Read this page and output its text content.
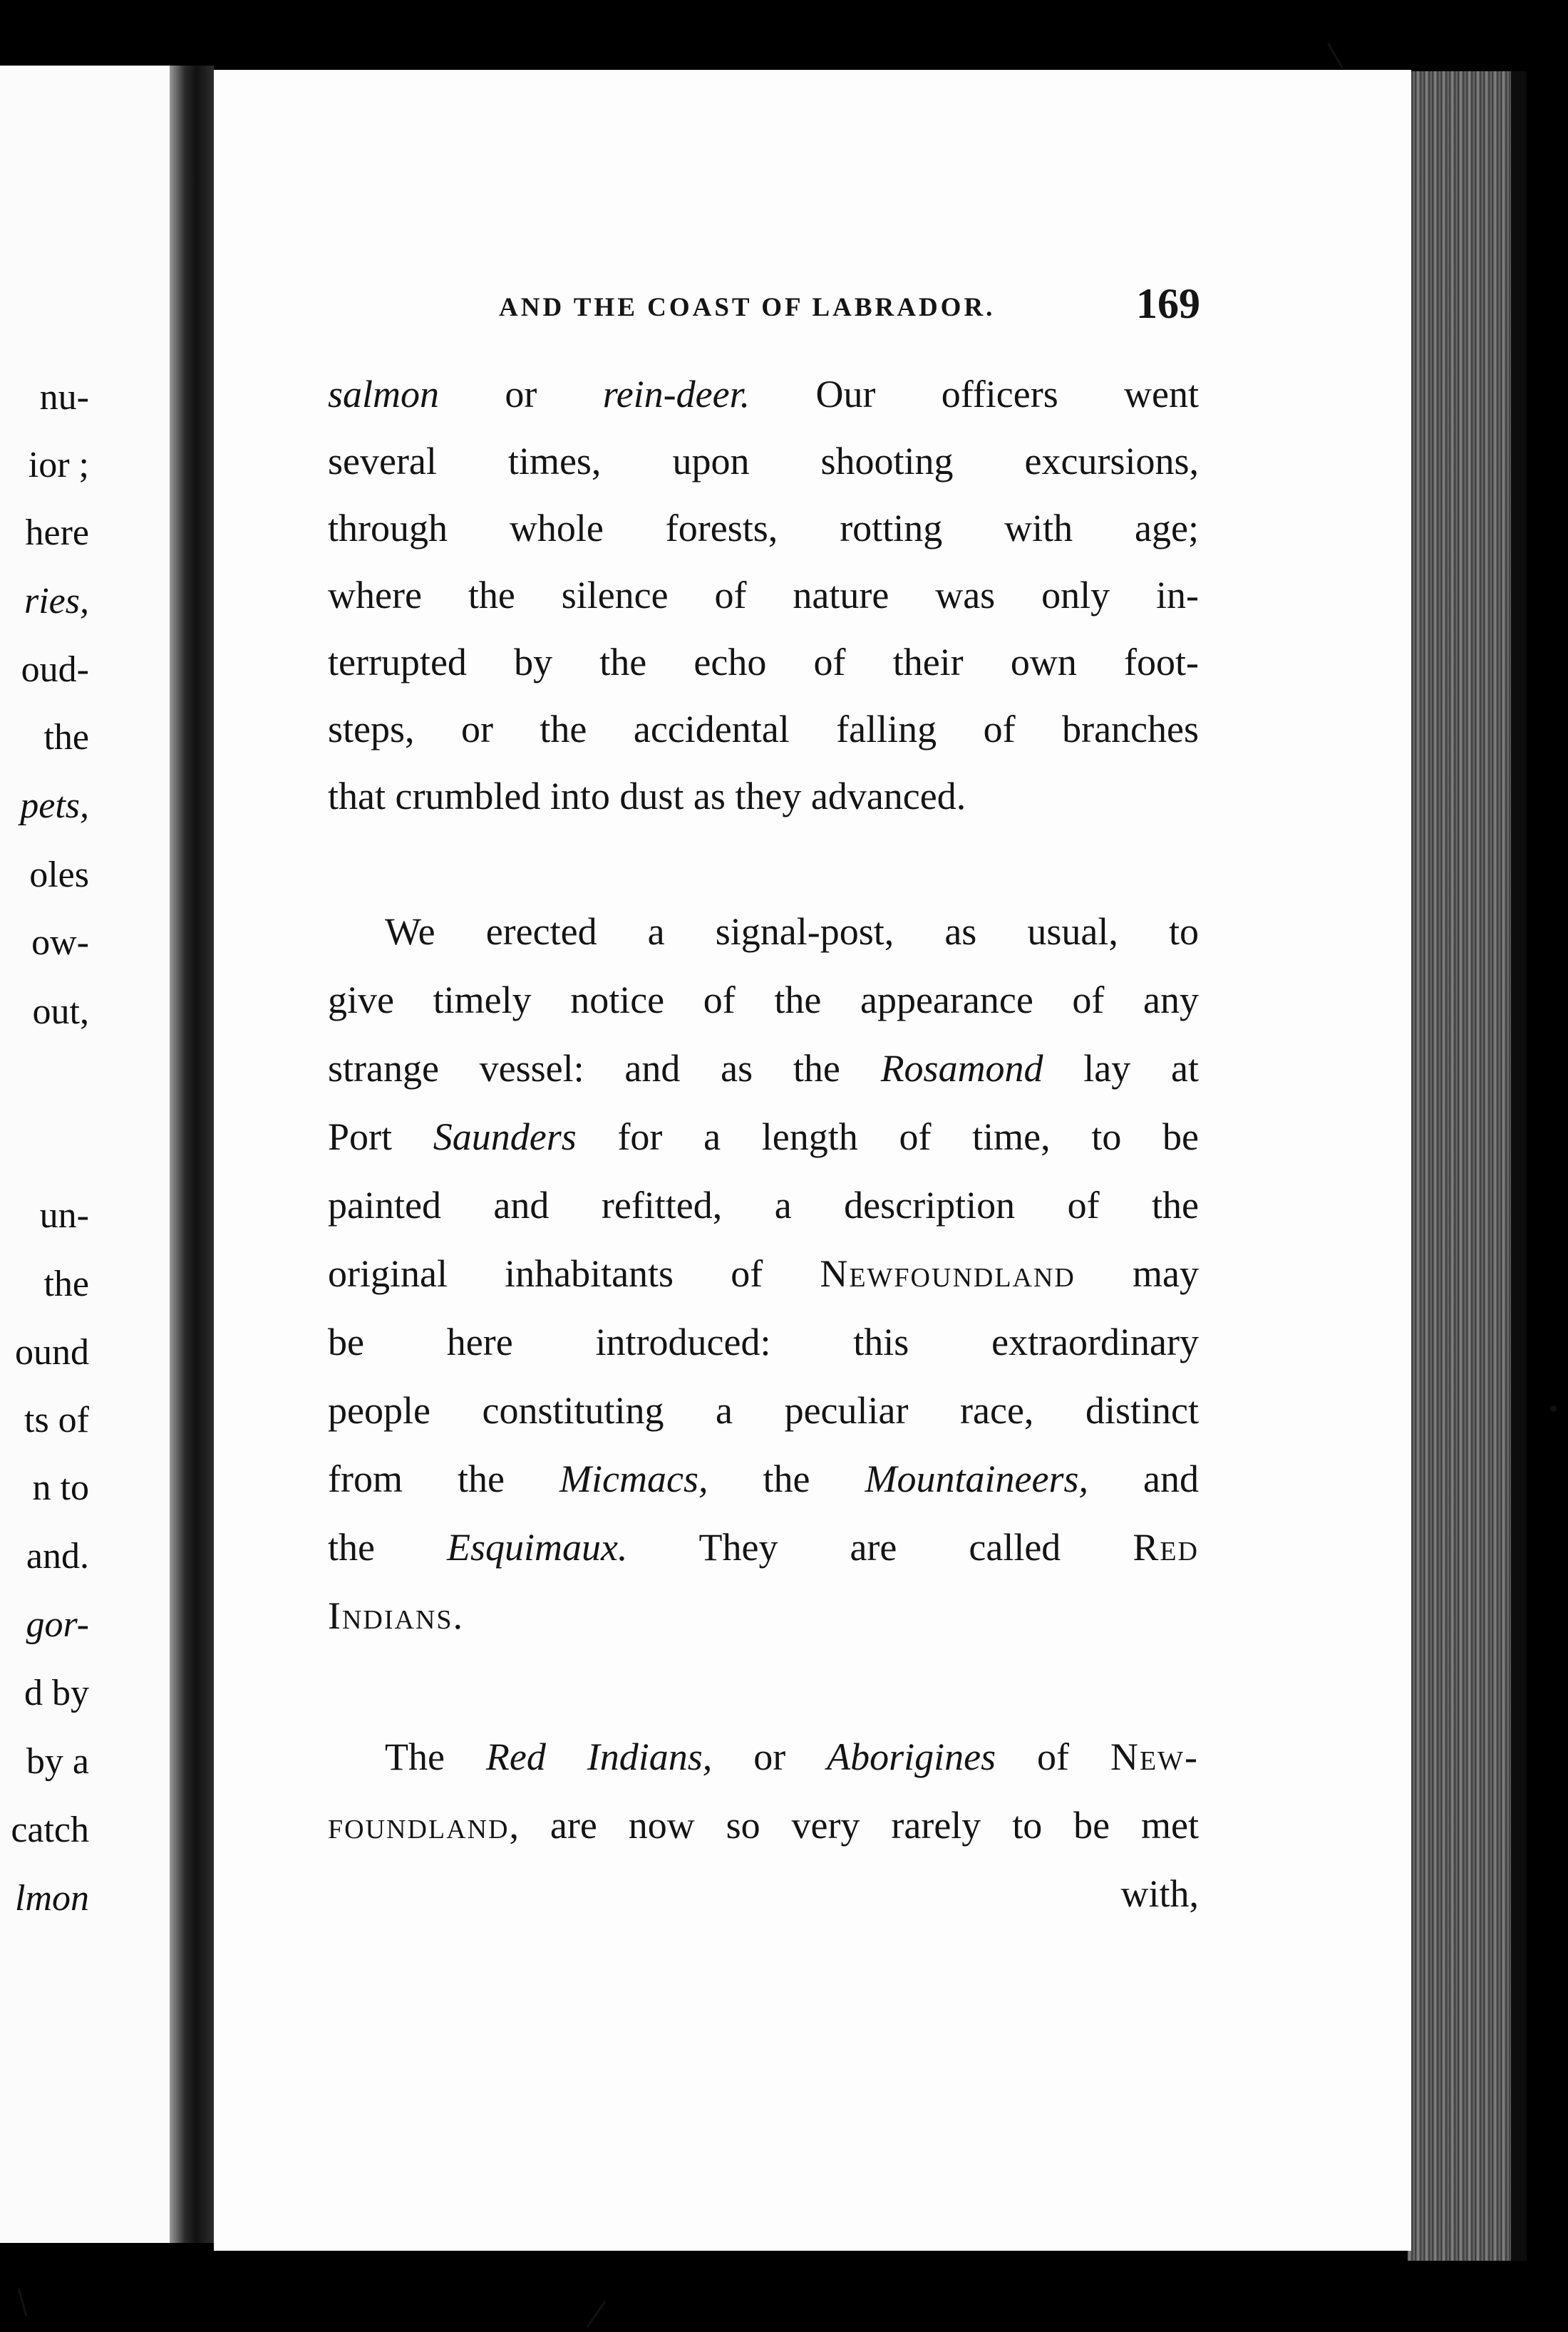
nu-
ior ;
here
ries,
oud-
the
pets,
oles
ow-
out,
un-
the
ound
ts of
n to
and.
gor-
d by
by a
catch
lmon
AND THE COAST OF LABRADOR.	169
salmon or rein-deer. Our officers went
several times, upon shooting excursions,
through whole forests, rotting with age;
where the silence of nature was only in-
terrupted by the echo of their own foot-
steps, or the accidental falling of branches
that crumbled into dust as they advanced.
We erected a signal-post, as usual, to
give timely notice of the appearance of any
strange vessel: and as the Rosamond lay at
Port Saunders for a length of time, to be
painted and refitted, a description of the
original inhabitants of Newfoundland may
be here introduced: this extraordinary
people constituting a peculiar race, distinct
from the Micmacs, the Mountaineers, and
the Esquimaux. They are called Red
Indians.
The Red Indians, or Aborigines of New-
foundland, are now so very rarely to be met
with,
